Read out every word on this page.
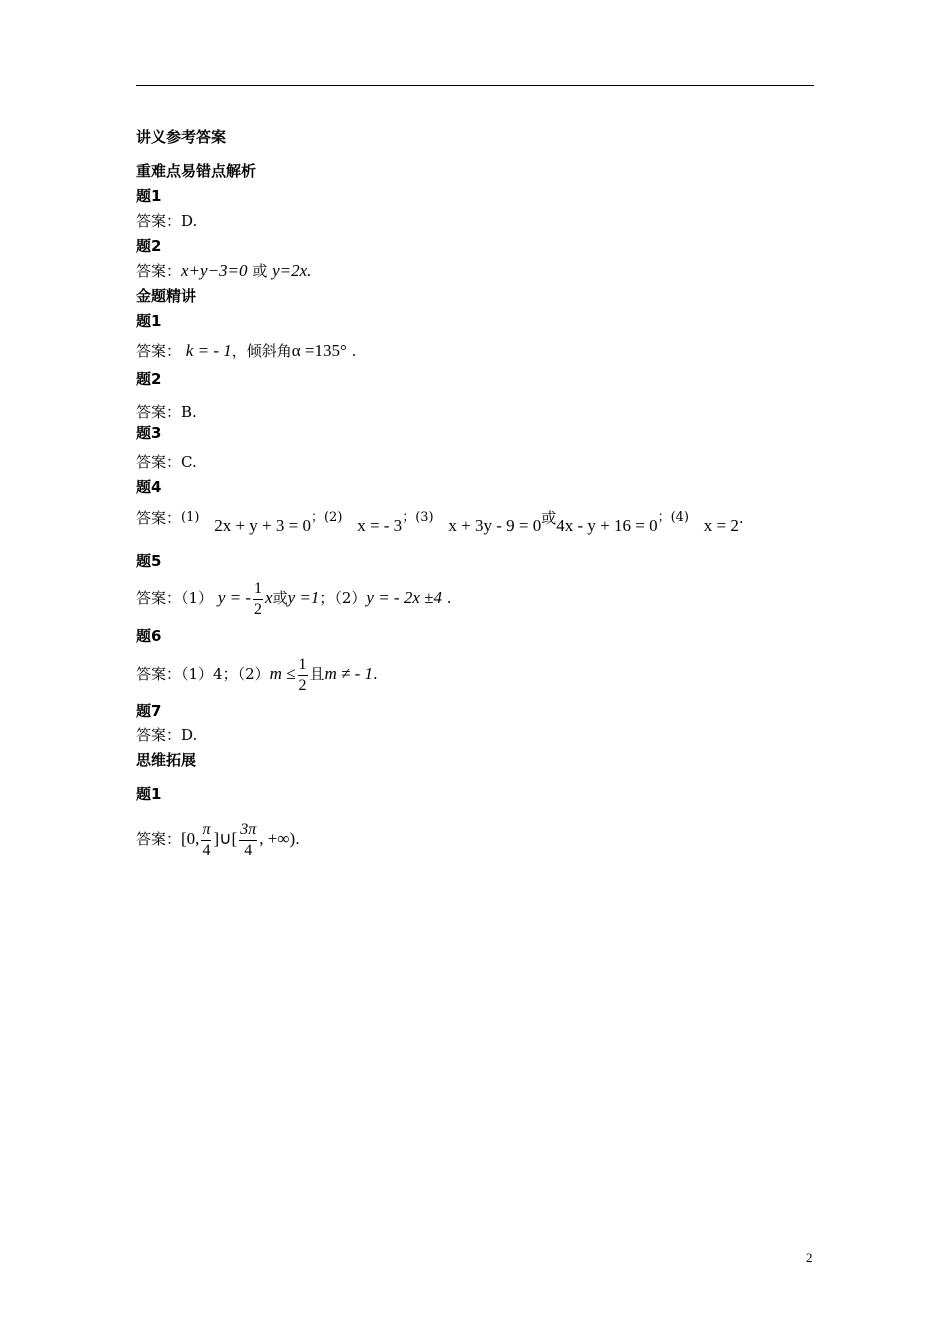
讲义参考答案
重难点易错点解析
题1
答案：D.
题2
答案：x+y−3=0 或 y=2x.
金题精讲
题1
答案： k = - 1，倾斜角α =135° .
题2
答案：B.
题3
答案：C.
题4
答案：(1) 2x + y + 3 = 0；(2) x = - 3；(3) x + 3y - 9 = 0或4x - y + 16 = 0；(4) x = 2.
题5
答案：（1） y = - $\frac{1}{2}$ x或y =1；（2）y = - 2x ±4 .
题6
答案：（1）4；$(2)m \le \frac{1}{2}$ 且m ≠ - 1.
题7
答案：D.
思维拓展
题1
答案：[0, $\frac{\pi}{4}$ ]∪[ $\frac{3\pi}{4}$ , +∞).
2
